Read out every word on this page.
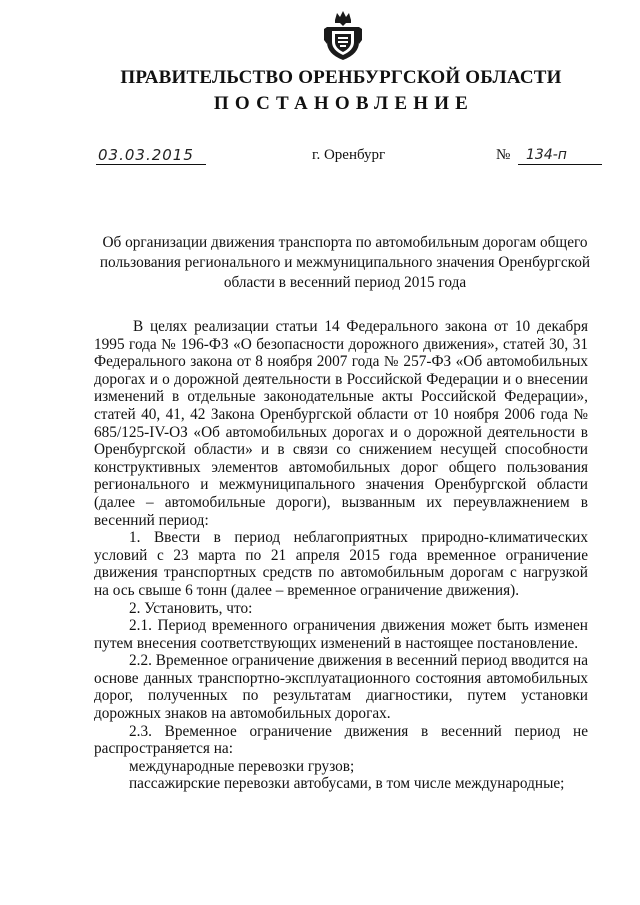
ПРАВИТЕЛЬСТВО ОРЕНБУРГСКОЙ ОБЛАСТИ
ПОСТАНОВЛЕНИЕ
03.03.2015	г. Оренбург	№	134-п
Об организации движения транспорта по автомобильным дорогам общего пользования регионального и межмуниципального значения Оренбургской области в весенний период 2015 года

В целях реализации статьи 14 Федерального закона от 10 декабря 1995 года № 196-ФЗ «О безопасности дорожного движения», статей 30, 31 Федерального закона от 8 ноября 2007 года № 257-ФЗ «Об автомобильных дорогах и о дорожной деятельности в Российской Федерации и о внесении изменений в отдельные законодательные акты Российской Федерации», статей 40, 41, 42 Закона Оренбургской области от 10 ноября 2006 года № 685/125-IV-ОЗ «Об автомобильных дорогах и о дорожной деятельности в Оренбургской области» и в связи со снижением несущей способности конструктивных элементов автомобильных дорог общего пользования регионального и межмуниципального значения Оренбургской области (далее – автомобильные дороги), вызванным их переувлажнением в весенний период:

1. Ввести в период неблагоприятных природно-климатических условий с 23 марта по 21 апреля 2015 года временное ограничение движения транспортных средств по автомобильным дорогам с нагрузкой на ось свыше 6 тонн (далее – временное ограничение движения).

2. Установить, что:

2.1. Период временного ограничения движения может быть изменен путем внесения соответствующих изменений в настоящее постановление.

2.2. Временное ограничение движения в весенний период вводится на основе данных транспортно-эксплуатационного состояния автомобильных дорог, полученных по результатам диагностики, путем установки дорожных знаков на автомобильных дорогах.

2.3. Временное ограничение движения в весенний период не распространяется на:

международные перевозки грузов;

пассажирские перевозки автобусами, в том числе международные;
